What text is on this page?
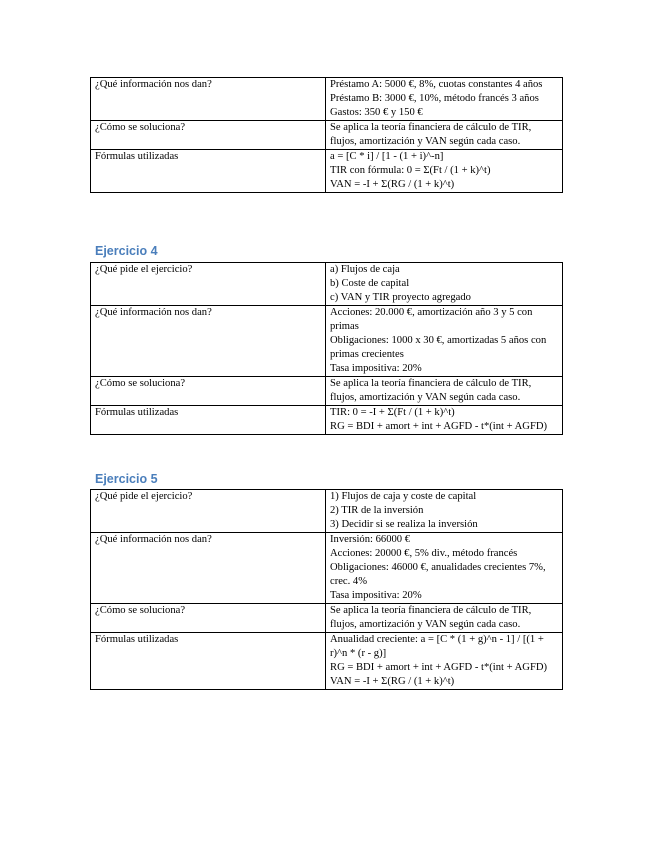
¿Qué información nos dan?	Préstamo A: 5000 €, 8%, cuotas constantes 4 años
Préstamo B: 3000 €, 10%, método francés 3 años
Gastos: 350 € y 150 €

¿Cómo se soluciona?	Se aplica la teoría financiera de cálculo de TIR, flujos, amortización y VAN según cada caso.

Fórmulas utilizadas	a = [C * i] / [1 - (1 + i)^-n]
TIR con fórmula: 0 = Σ(Ft / (1 + k)^t)
VAN = -I + Σ(RG / (1 + k)^t)
Ejercicio 4
¿Qué pide el ejercicio?	a) Flujos de caja
b) Coste de capital
c) VAN y TIR proyecto agregado

¿Qué información nos dan?	Acciones: 20.000 €, amortización año 3 y 5 con primas
Obligaciones: 1000 x 30 €, amortizadas 5 años con primas crecientes
Tasa impositiva: 20%

¿Cómo se soluciona?	Se aplica la teoría financiera de cálculo de TIR, flujos, amortización y VAN según cada caso.

Fórmulas utilizadas	TIR: 0 = -I + Σ(Ft / (1 + k)^t)
RG = BDI + amort + int + AGFD - t*(int + AGFD)
Ejercicio 5
¿Qué pide el ejercicio?	1) Flujos de caja y coste de capital
2) TIR de la inversión
3) Decidir si se realiza la inversión

¿Qué información nos dan?	Inversión: 66000 €
Acciones: 20000 €, 5% div., método francés
Obligaciones: 46000 €, anualidades crecientes 7%, crec. 4%
Tasa impositiva: 20%

¿Cómo se soluciona?	Se aplica la teoría financiera de cálculo de TIR, flujos, amortización y VAN según cada caso.

Fórmulas utilizadas	Anualidad creciente: a = [C * (1 + g)^n - 1] / [(1 + r)^n * (r - g)]
RG = BDI + amort + int + AGFD - t*(int + AGFD)
VAN = -I + Σ(RG / (1 + k)^t)
